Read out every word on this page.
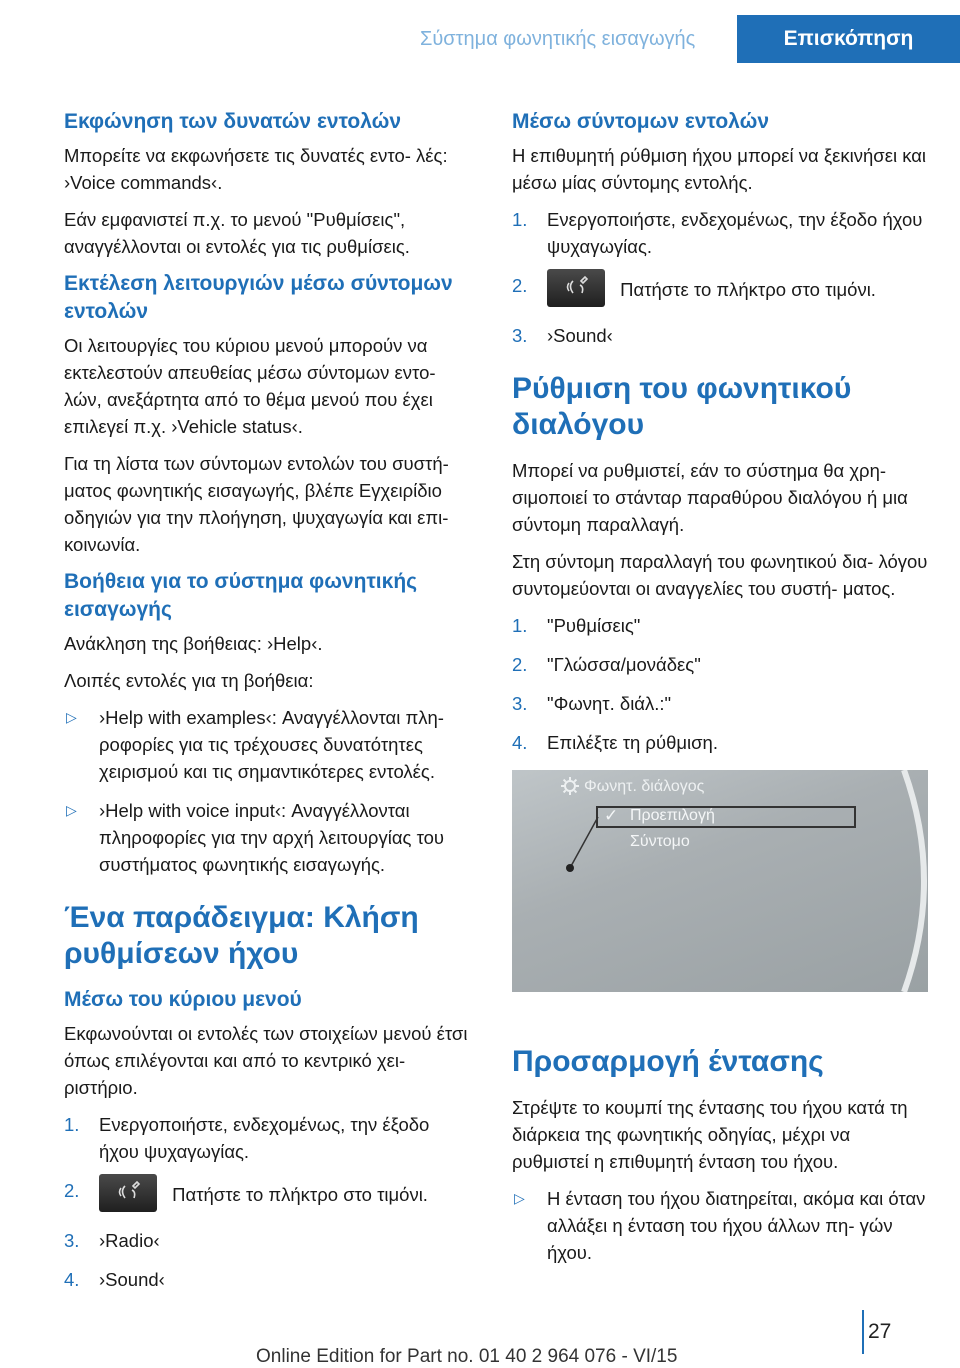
Σύστημα φωνητικής εισαγωγής	Επισκόπηση
Εκφώνηση των δυνατών εντολών

Μπορείτε να εκφωνήσετε τις δυνατές εντο- λές: ›Voice commands‹.

Εάν εμφανιστεί π.χ. το μενού "Ρυθμίσεις", αναγγέλλονται οι εντολές για τις ρυθμίσεις.

Εκτέλεση λειτουργιών μέσω σύντομων εντολών

Οι λειτουργίες του κύριου μενού μπορούν να εκτελεστούν απευθείας μέσω σύντομων εντο- λών, ανεξάρτητα από το θέμα μενού που έχει επιλεγεί π.χ. ›Vehicle status‹.

Για τη λίστα των σύντομων εντολών του συστή- ματος φωνητικής εισαγωγής, βλέπε Εγχειρίδιο οδηγιών για την πλοήγηση, ψυχαγωγία και επι- κοινωνία.

Βοήθεια για το σύστημα φωνητικής εισαγωγής

Ανάκληση της βοήθειας: ›Help‹.

Λοιπές εντολές για τη βοήθεια:

▷ ›Help with examples‹: Αναγγέλλονται πλη- ροφορίες για τις τρέχουσες δυνατότητες χειρισμού και τις σημαντικότερες εντολές.
▷ ›Help with voice input‹: Αναγγέλλονται πληροφορίες για την αρχή λειτουργίας του συστήματος φωνητικής εισαγωγής.
Ένα παράδειγμα: Κλήση ρυθμίσεων ήχου
Μέσω του κύριου μενού

Εκφωνούνται οι εντολές των στοιχείων μενού έτσι όπως επιλέγονται και από το κεντρικό χει- ριστήριο.

1. Ενεργοποιήστε, ενδεχομένως, την έξοδο ήχου ψυχαγωγίας.
2.	Πατήστε το πλήκτρο στο τιμόνι.
3. ›Radio‹
4. ›Sound‹
Μέσω σύντομων εντολών

Η επιθυμητή ρύθμιση ήχου μπορεί να ξεκινήσει και μέσω μίας σύντομης εντολής.

1. Ενεργοποιήστε, ενδεχομένως, την έξοδο ήχου ψυχαγωγίας.
2.	Πατήστε το πλήκτρο στο τιμόνι.
3. ›Sound‹
Ρύθμιση του φωνητικού διαλόγου

Μπορεί να ρυθμιστεί, εάν το σύστημα θα χρη- σιμοποιεί το στάνταρ παραθύρου διαλόγου ή μια σύντομη παραλλαγή.

Στη σύντομη παραλλαγή του φωνητικού δια- λόγου συντομεύονται οι αναγγελίες του συστή- ματος.

1. "Ρυθμίσεις"
2. "Γλώσσα/μονάδες"
3. "Φωνητ. διάλ.:"
4. Επιλέξτε τη ρύθμιση.
Φωνητ. διάλογος
✓ Προεπιλογή
Σύντομο
Προσαρμογή έντασης

Στρέψτε το κουμπί της έντασης του ήχου κατά τη διάρκεια της φωνητικής οδηγίας, μέχρι να ρυθμιστεί η επιθυμητή ένταση του ήχου.

▷ Η ένταση του ήχου διατηρείται, ακόμα και όταν αλλάξει η ένταση του ήχου άλλων πη- γών ήχου.
27
Online Edition for Part no. 01 40 2 964 076 - VI/15
